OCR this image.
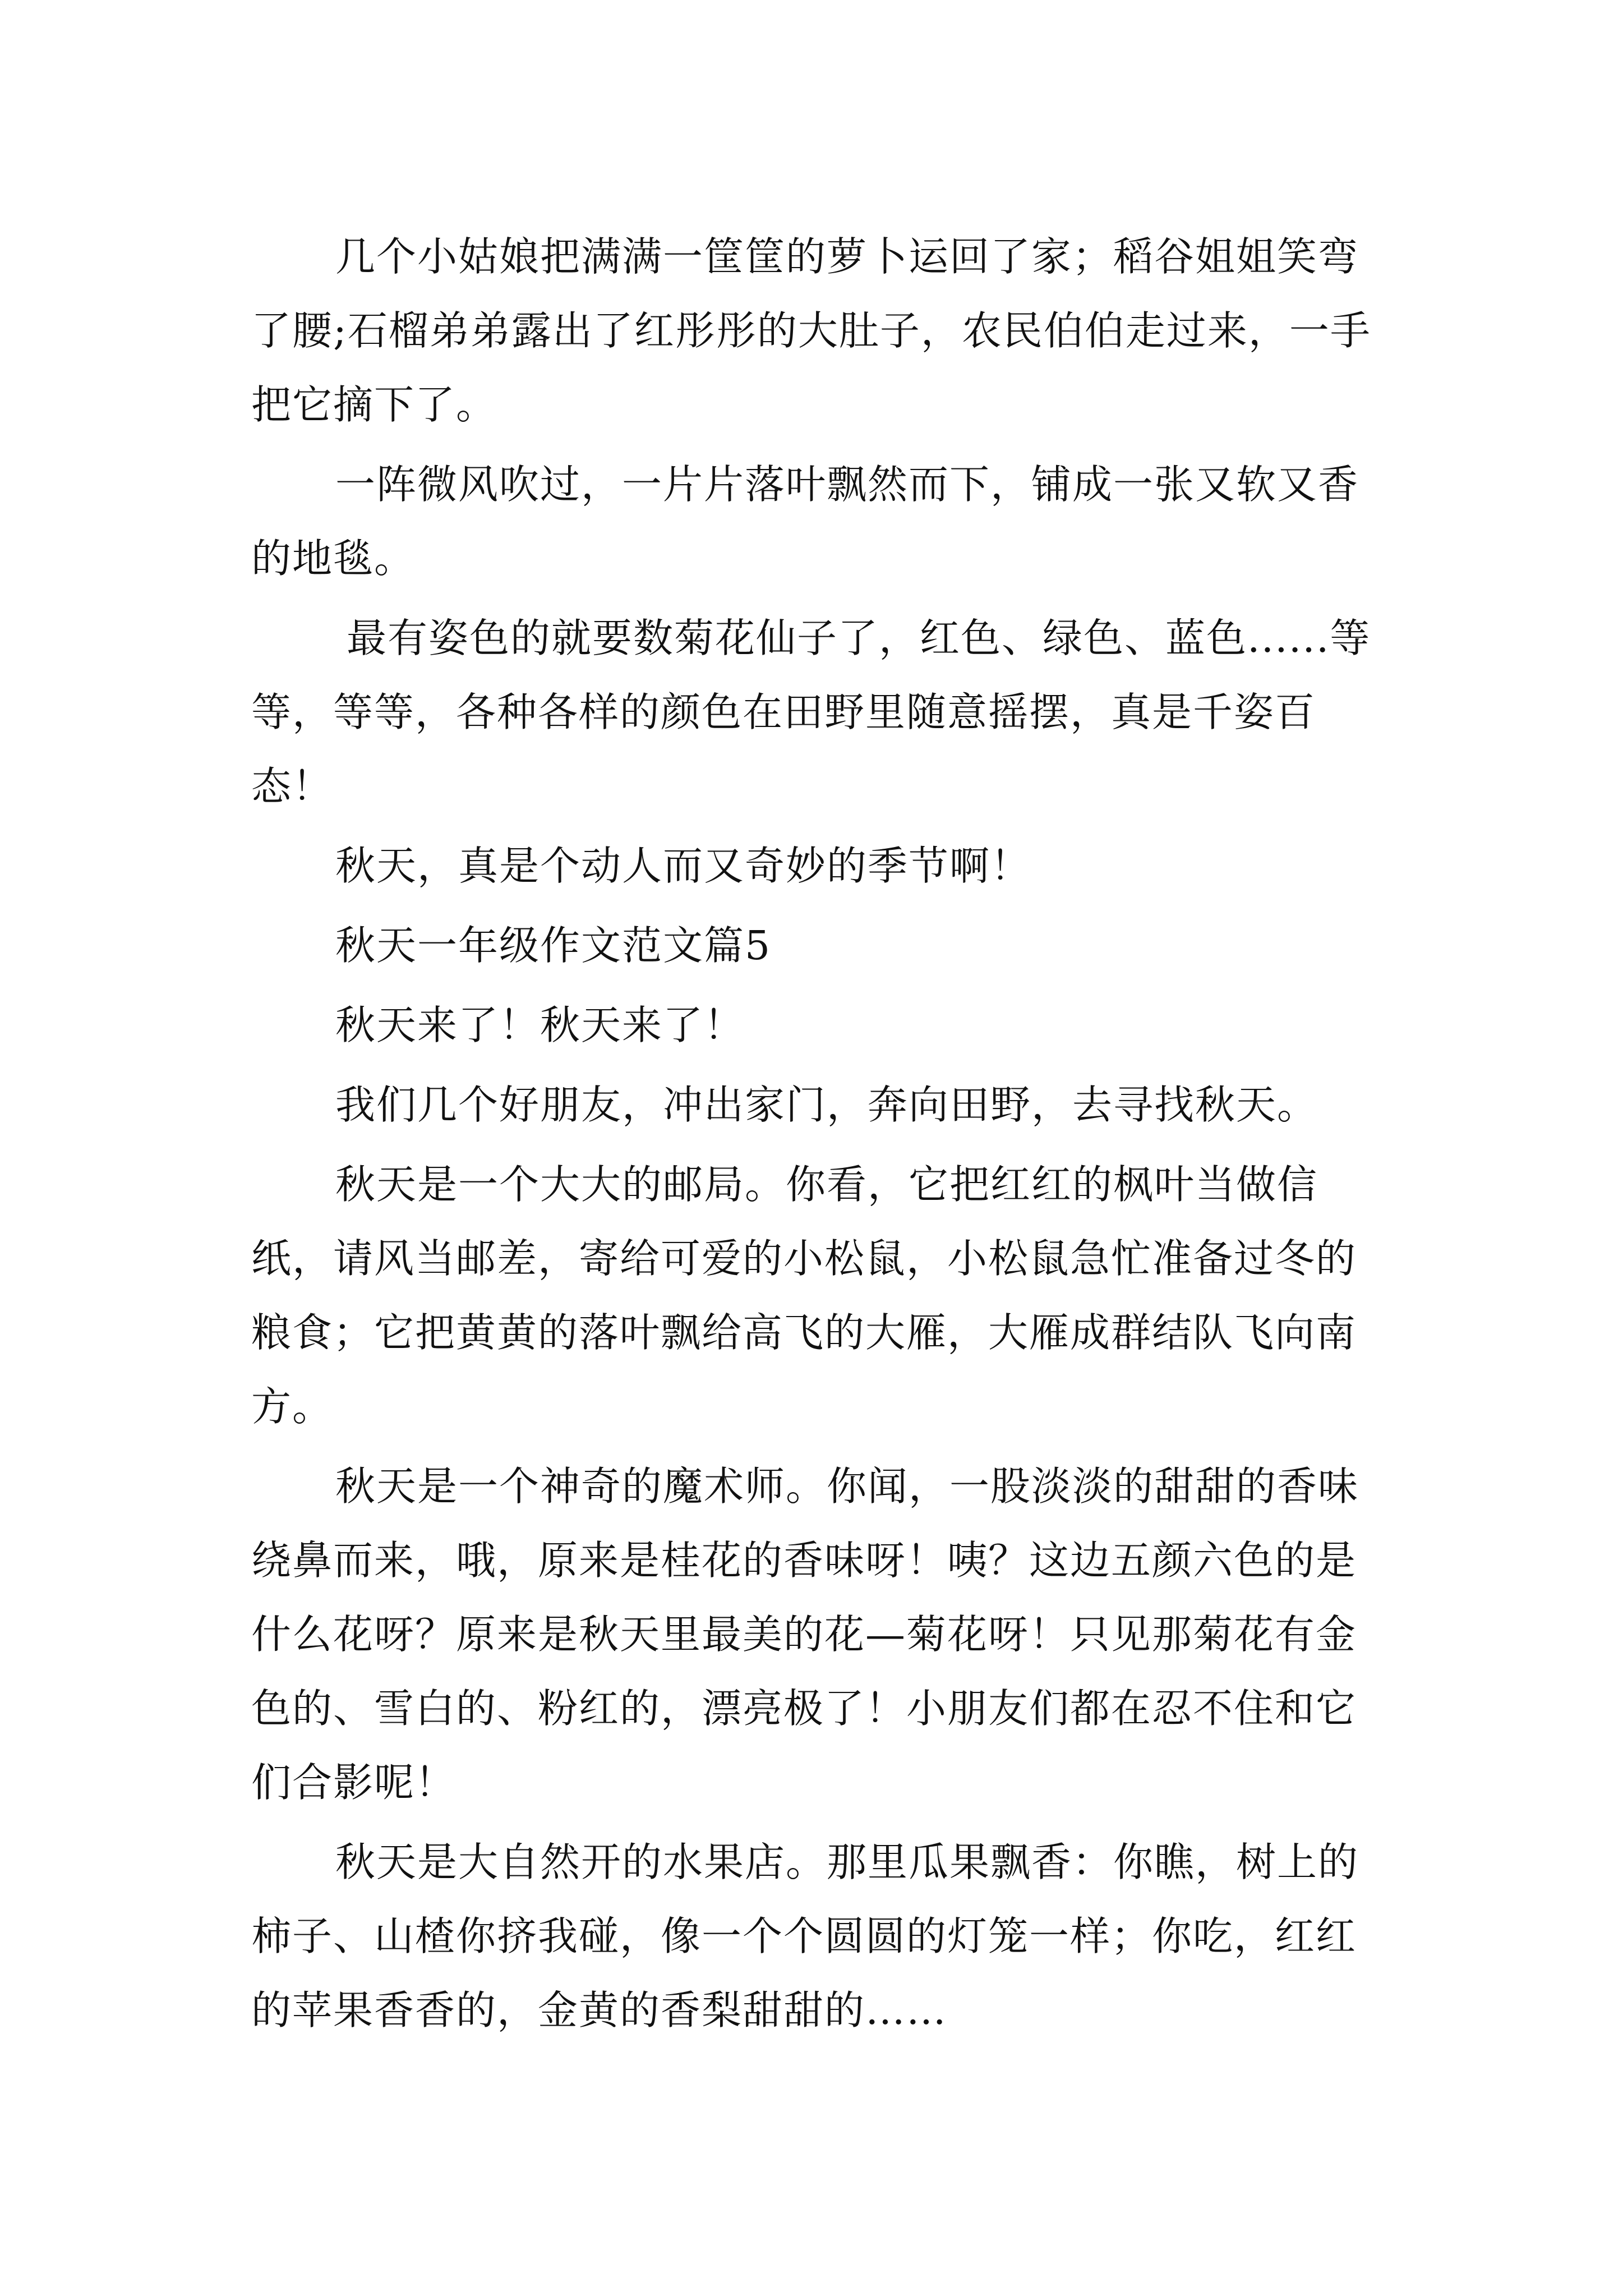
几个小姑娘把满满一筐筐的萝卜运回了家；稻谷姐姐笑弯了腰;石榴弟弟露出了红彤彤的大肚子，农民伯伯走过来，一手把它摘下了。

一阵微风吹过，一片片落叶飘然而下，铺成一张又软又香的地毯。

最有姿色的就要数菊花仙子了，红色、绿色、蓝色......等等，等等，各种各样的颜色在田野里随意摇摆，真是千姿百态！

秋天，真是个动人而又奇妙的季节啊！

秋天一年级作文范文篇5

秋天来了！秋天来了！

我们几个好朋友，冲出家门，奔向田野，去寻找秋天。

秋天是一个大大的邮局。你看，它把红红的枫叶当做信纸，请风当邮差，寄给可爱的小松鼠，小松鼠急忙准备过冬的粮食；它把黄黄的落叶飘给高飞的大雁，大雁成群结队飞向南方。

秋天是一个神奇的魔术师。你闻，一股淡淡的甜甜的香味绕鼻而来，哦，原来是桂花的香味呀！咦？这边五颜六色的是什么花呀？原来是秋天里最美的花—菊花呀！只见那菊花有金色的、雪白的、粉红的，漂亮极了！小朋友们都在忍不住和它们合影呢！

秋天是大自然开的水果店。那里瓜果飘香：你瞧，树上的柿子、山楂你挤我碰，像一个个圆圆的灯笼一样；你吃，红红的苹果香香的，金黄的香梨甜甜的……
